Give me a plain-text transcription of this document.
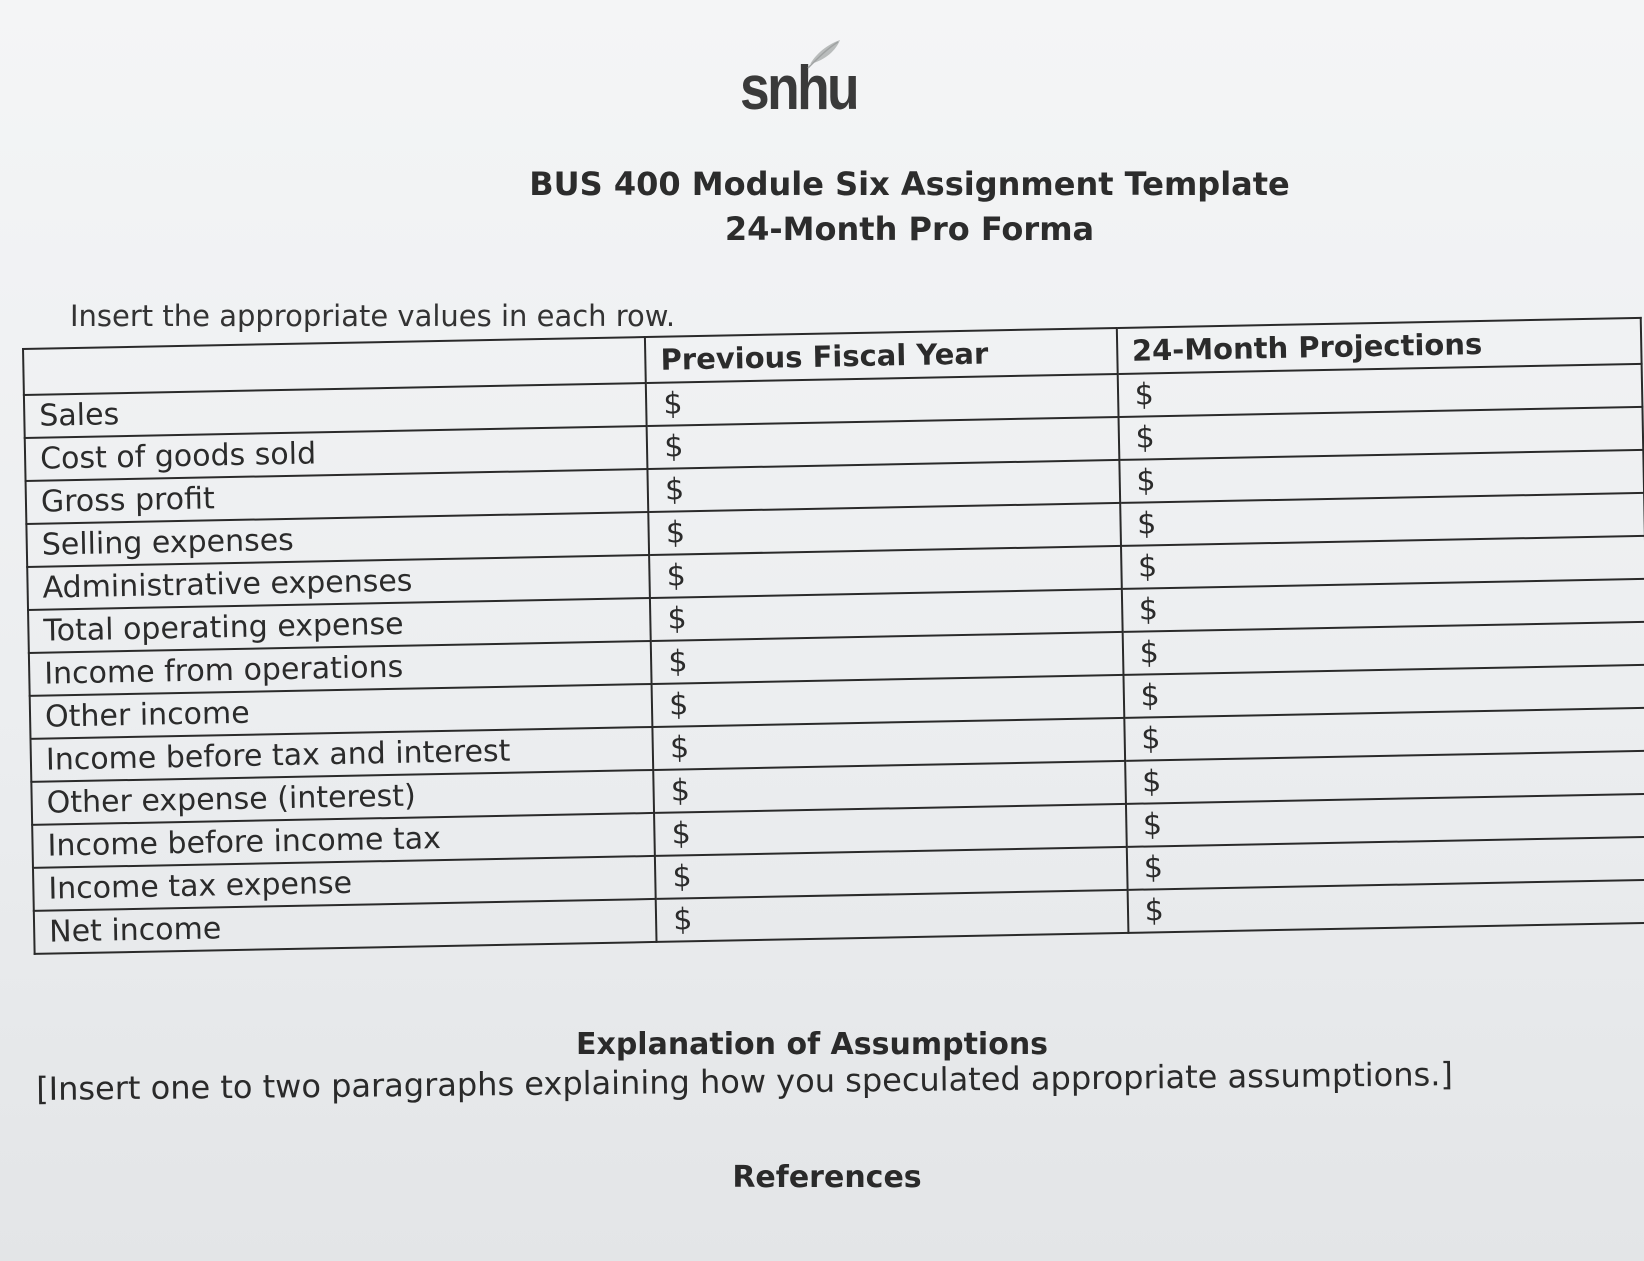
snhu
BUS 400 Module Six Assignment Template
24-Month Pro Forma
Insert the appropriate values in each row.
	Previous Fiscal Year	24-Month Projections
Sales	$	$
Cost of goods sold	$	$
Gross profit	$	$
Selling expenses	$	$
Administrative expenses	$	$
Total operating expense	$	$
Income from operations	$	$
Other income	$	$
Income before tax and interest	$	$
Other expense (interest)	$	$
Income before income tax	$	$
Income tax expense	$	$
Net income	$	$
Explanation of Assumptions
[Insert one to two paragraphs explaining how you speculated appropriate assumptions.]
References
